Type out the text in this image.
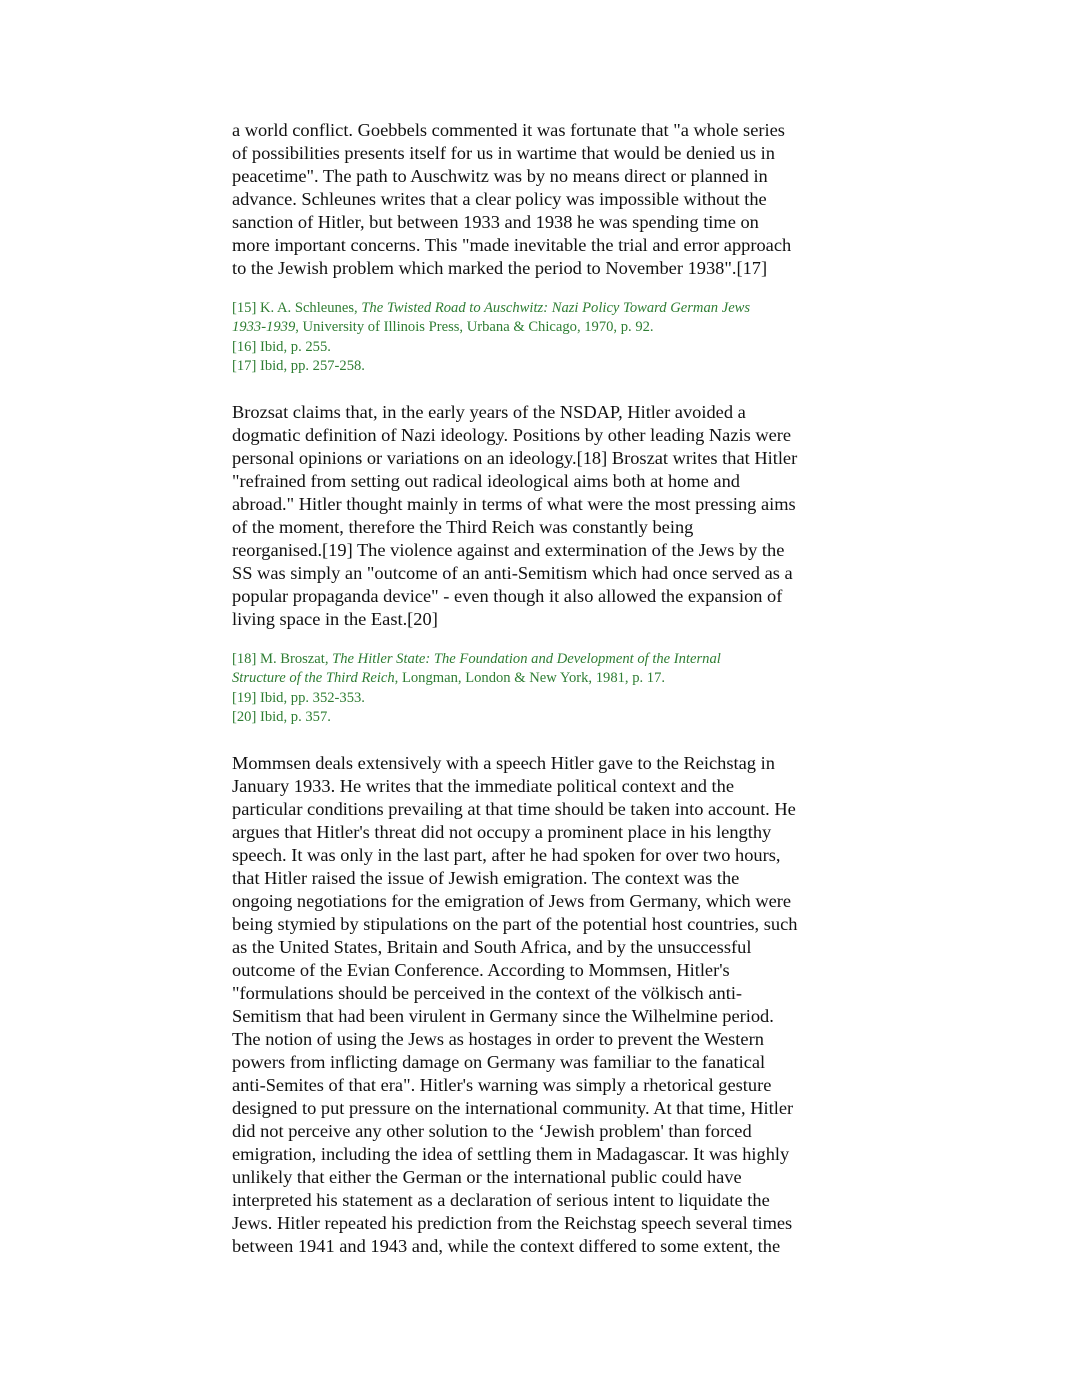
a world conflict. Goebbels commented it was fortunate that "a whole series
of possibilities presents itself for us in wartime that would be denied us in
peacetime". The path to Auschwitz was by no means direct or planned in
advance. Schleunes writes that a clear policy was impossible without the
sanction of Hitler, but between 1933 and 1938 he was spending time on
more important concerns. This "made inevitable the trial and error approach
to the Jewish problem which marked the period to November 1938".[17]

[15] K. A. Schleunes, The Twisted Road to Auschwitz: Nazi Policy Toward German Jews
1933-1939, University of Illinois Press, Urbana & Chicago, 1970, p. 92.
[16] Ibid, p. 255.
[17] Ibid, pp. 257-258.

Brozsat claims that, in the early years of the NSDAP, Hitler avoided a
dogmatic definition of Nazi ideology. Positions by other leading Nazis were
personal opinions or variations on an ideology.[18] Broszat writes that Hitler
"refrained from setting out radical ideological aims both at home and
abroad." Hitler thought mainly in terms of what were the most pressing aims
of the moment, therefore the Third Reich was constantly being
reorganised.[19] The violence against and extermination of the Jews by the
SS was simply an "outcome of an anti-Semitism which had once served as a
popular propaganda device" - even though it also allowed the expansion of
living space in the East.[20]

[18] M. Broszat, The Hitler State: The Foundation and Development of the Internal
Structure of the Third Reich, Longman, London & New York, 1981, p. 17.
[19] Ibid, pp. 352-353.
[20] Ibid, p. 357.

Mommsen deals extensively with a speech Hitler gave to the Reichstag in
January 1933. He writes that the immediate political context and the
particular conditions prevailing at that time should be taken into account. He
argues that Hitler's threat did not occupy a prominent place in his lengthy
speech. It was only in the last part, after he had spoken for over two hours,
that Hitler raised the issue of Jewish emigration. The context was the
ongoing negotiations for the emigration of Jews from Germany, which were
being stymied by stipulations on the part of the potential host countries, such
as the United States, Britain and South Africa, and by the unsuccessful
outcome of the Evian Conference. According to Mommsen, Hitler's
"formulations should be perceived in the context of the völkisch anti-
Semitism that had been virulent in Germany since the Wilhelmine period.
The notion of using the Jews as hostages in order to prevent the Western
powers from inflicting damage on Germany was familiar to the fanatical
anti-Semites of that era". Hitler's warning was simply a rhetorical gesture
designed to put pressure on the international community. At that time, Hitler
did not perceive any other solution to the ‘Jewish problem' than forced
emigration, including the idea of settling them in Madagascar. It was highly
unlikely that either the German or the international public could have
interpreted his statement as a declaration of serious intent to liquidate the
Jews. Hitler repeated his prediction from the Reichstag speech several times
between 1941 and 1943 and, while the context differed to some extent, the
